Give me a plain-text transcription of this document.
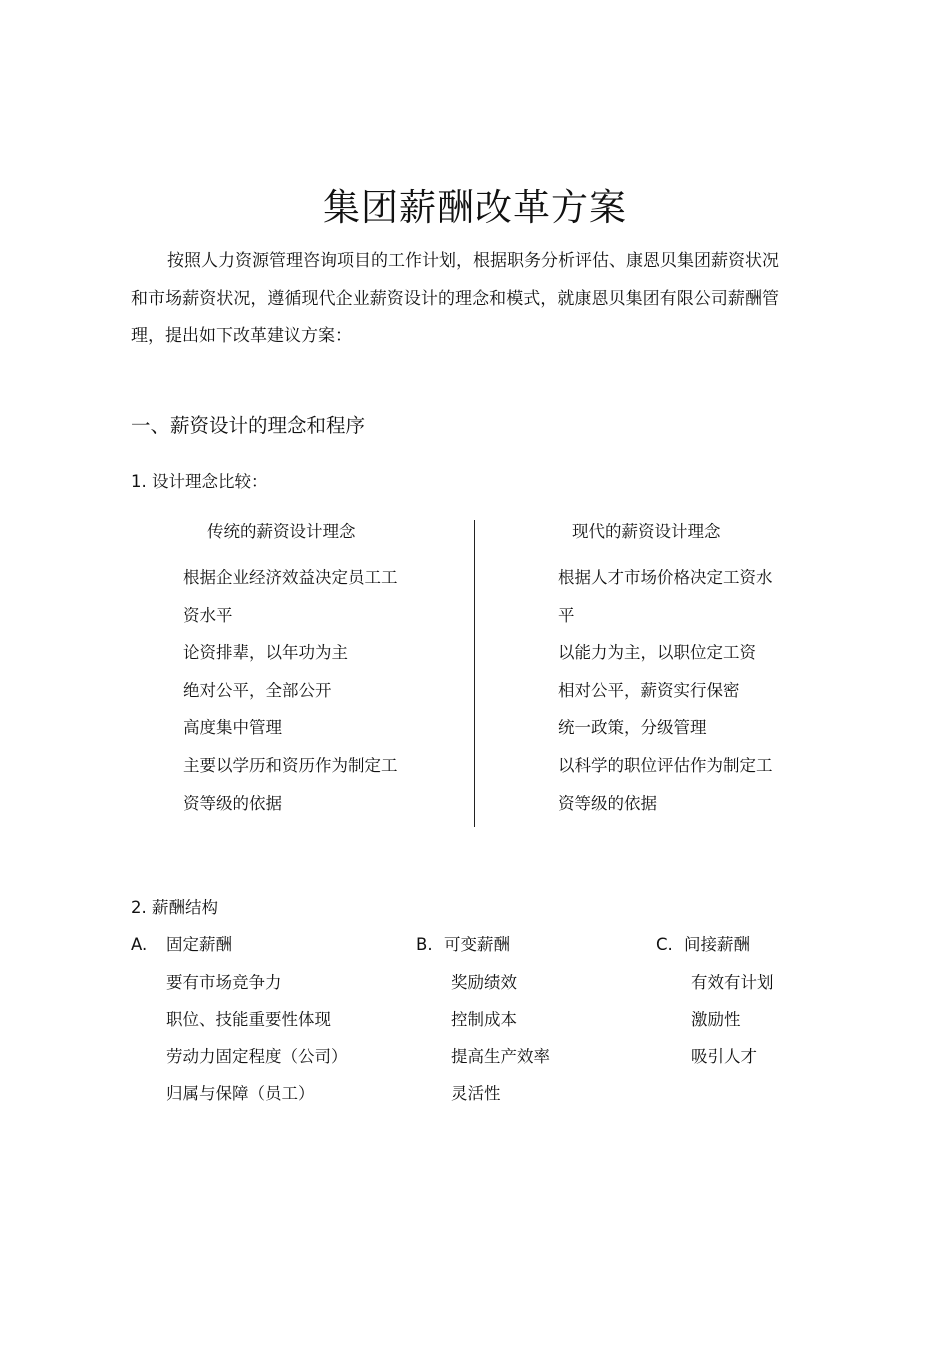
集团薪酬改革方案

按照人力资源管理咨询项目的工作计划，根据职务分析评估、康恩贝集团薪资状况和市场薪资状况，遵循现代企业薪资设计的理念和模式，就康恩贝集团有限公司薪酬管理，提出如下改革建议方案：

一、薪资设计的理念和程序
1. 设计理念比较：
传统的薪资设计理念	现代的薪资设计理念
根据企业经济效益决定员工工
资水平
论资排辈，以年功为主
绝对公平，全部公开
高度集中管理
主要以学历和资历作为制定工
资等级的依据
根据人才市场价格决定工资水
平
以能力为主，以职位定工资
相对公平，薪资实行保密
统一政策，分级管理
以科学的职位评估作为制定工
资等级的依据
2. 薪酬结构
A. 固定薪酬
要有市场竞争力
职位、技能重要性体现
劳动力固定程度（公司）
归属与保障（员工）
B. 可变薪酬
奖励绩效
控制成本
提高生产效率
灵活性
C. 间接薪酬
有效有计划
激励性
吸引人才
